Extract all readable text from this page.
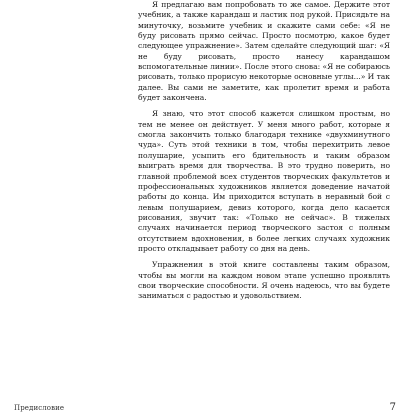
Я предлагаю вам попробовать то же самое. Держите этот учебник, а также карандаш и ластик под рукой. Присядьте на минуточку, возьмите учебник и скажите сами себе: «Я не буду рисовать прямо сейчас. Просто посмотрю, какое будет следующее упражнение». Затем сделайте следующий шаг: «Я не буду рисовать, просто нанесу карандашом вспомогательные линии». После этого снова: «Я не собираюсь рисовать, только прорисую некоторые основные углы...» И так далее. Вы сами не заметите, как пролетит время и работа будет закончена.

Я знаю, что этот способ кажется слишком простым, но тем не менее он действует. У меня много работ, которые я смогла закончить только благодаря технике «двухминутного чуда». Суть этой техники в том, чтобы перехитрить левое полушарие, усыпить его бдительность и таким образом выиграть время для творчества. В это трудно поверить, но главной проблемой всех студентов творческих факультетов и профессиональных художников является доведение начатой работы до конца. Им приходится вступать в неравный бой с левым полушарием, девиз которого, когда дело касается рисования, звучит так: «Только не сейчас». В тяжелых случаях начинается период творческого застоя с полным отсутствием вдохновения, в более легких случаях художник просто откладывает работу со дня на день.

Упражнения в этой книге составлены таким образом, чтобы вы могли на каждом новом этапе успешно проявлять свои творческие способности. Я очень надеюсь, что вы будете заниматься с радостью и удовольствием.

Предисловие	7
